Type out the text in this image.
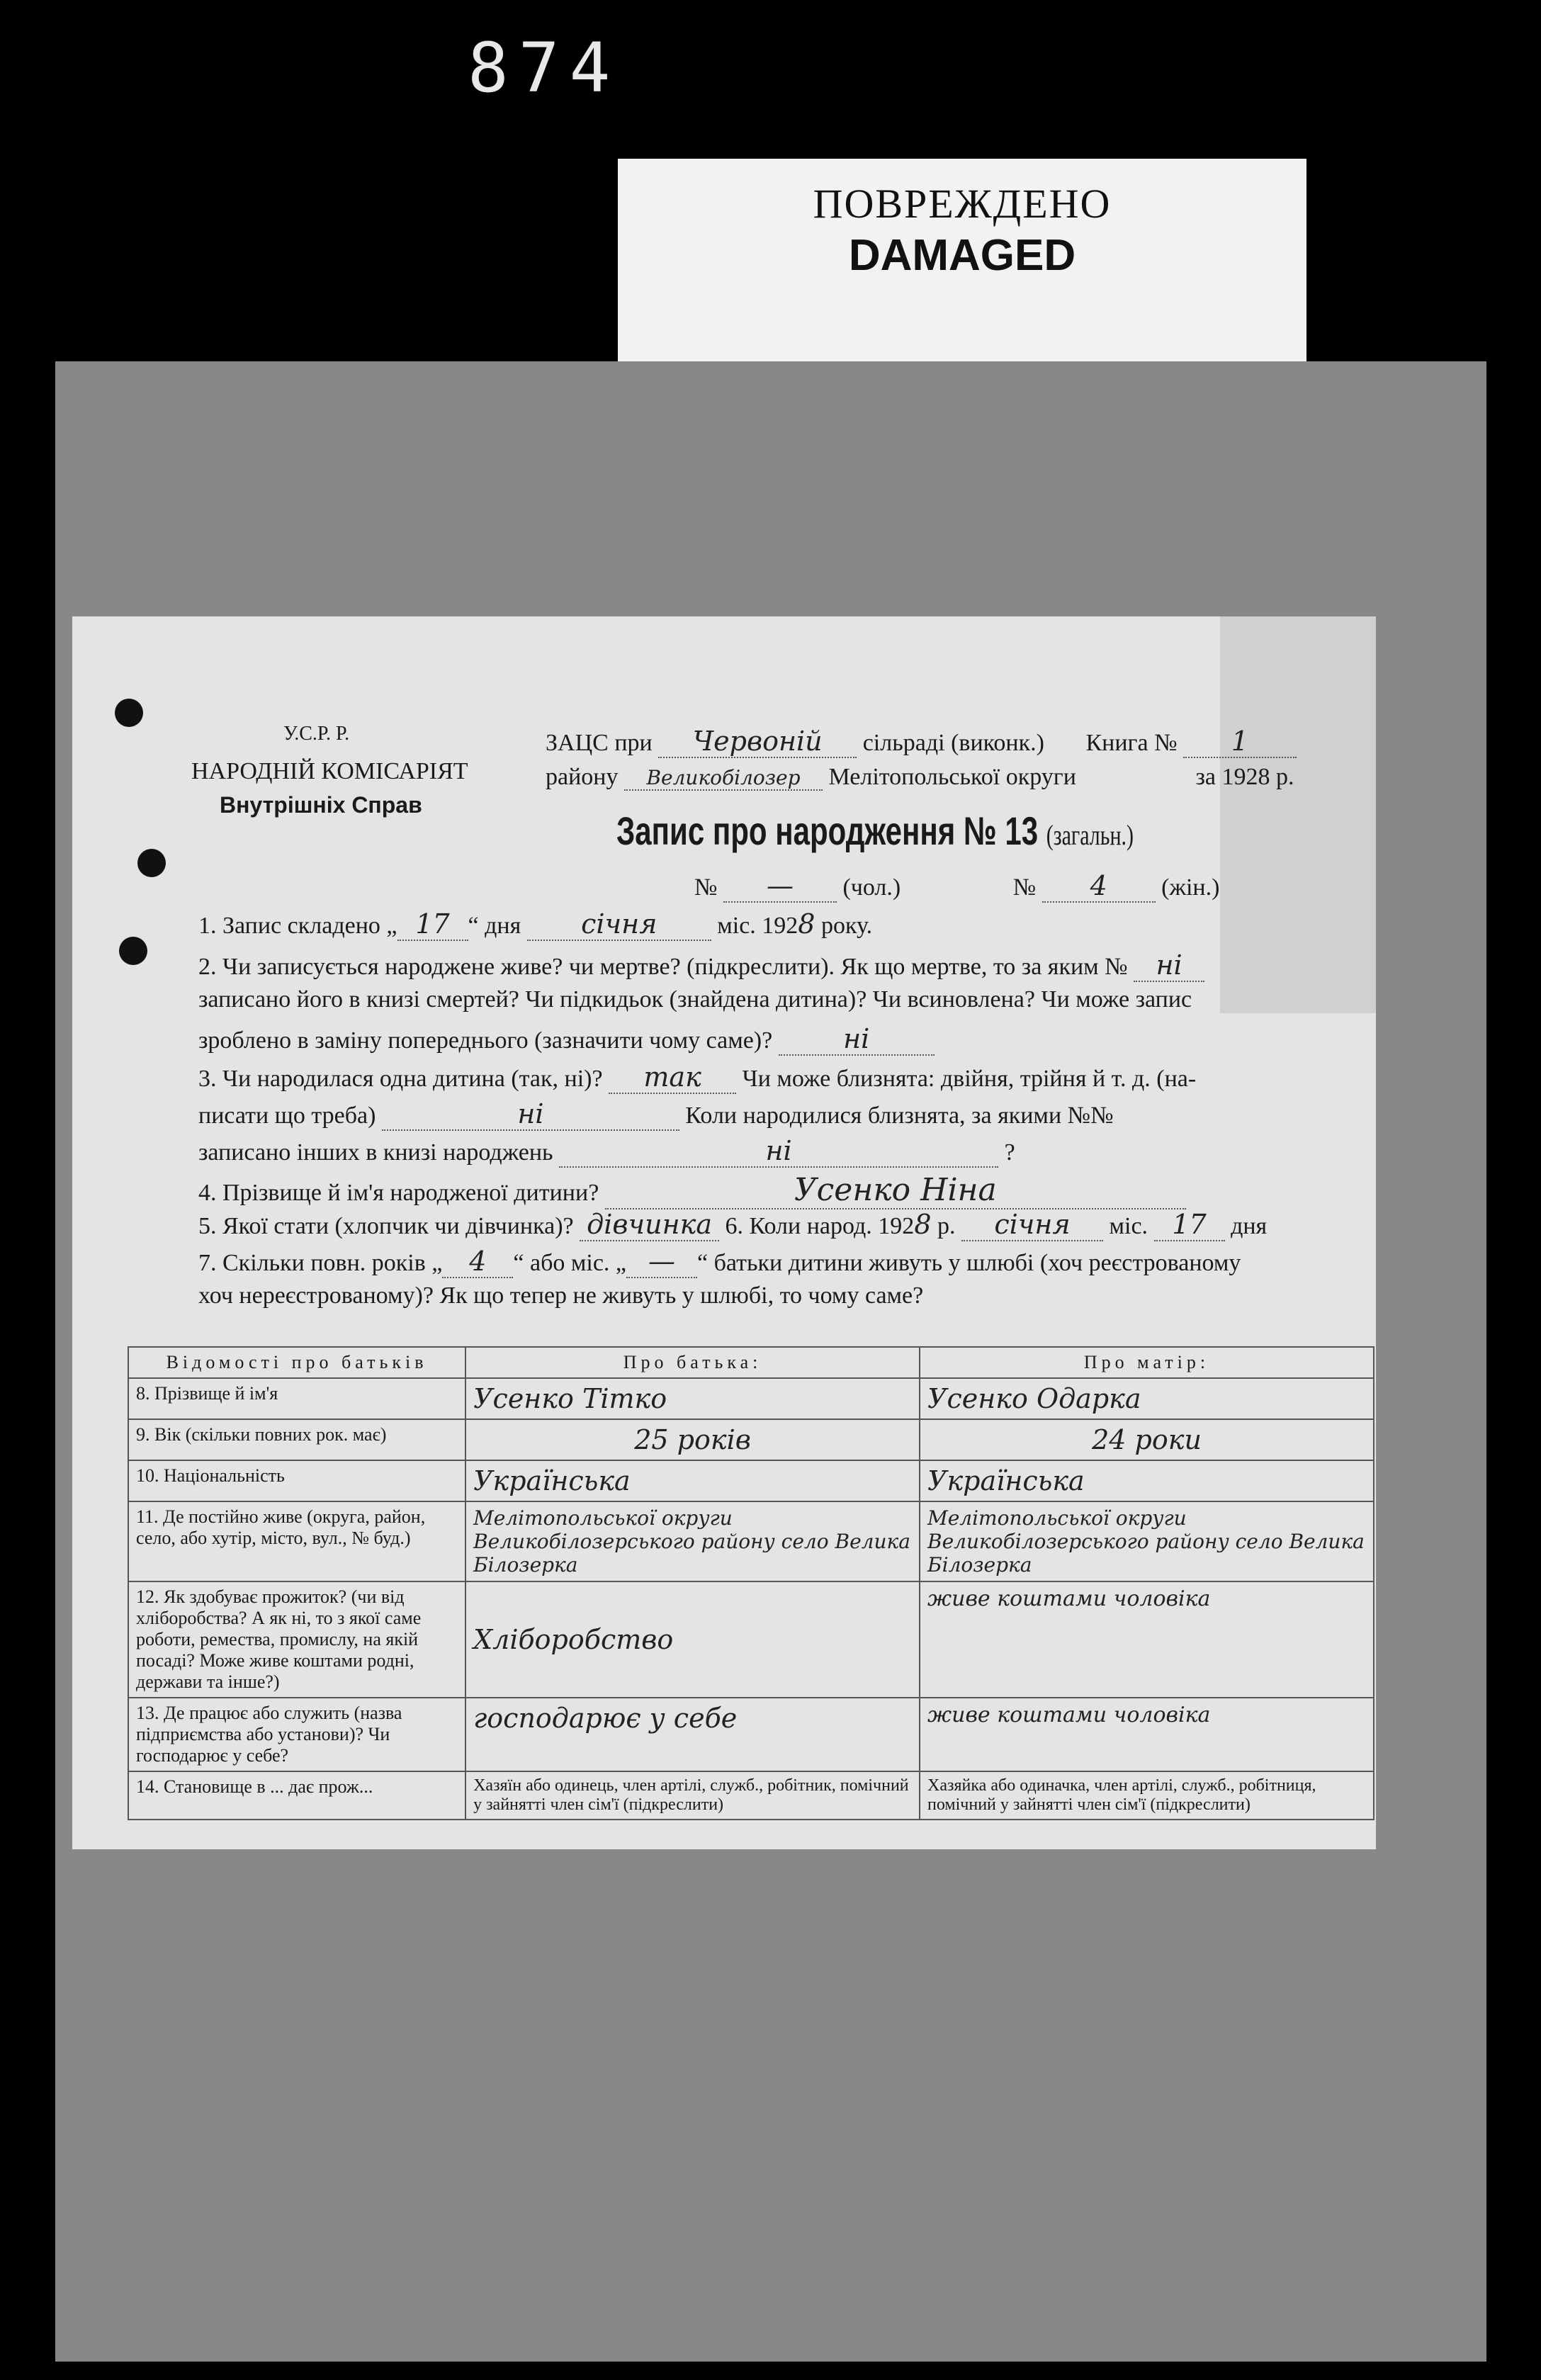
874
ПОВРЕЖДЕНО
DAMAGED
У.С.Р. Р.
НАРОДНІЙ КОМІСАРІЯТ
Внутрішніх Справ
ЗАЦС при Червоній сільраді (виконк.) Книга № 1
району Великобілозер Мелітопольської округи	за 1928 р.
Запис про народження № 13 (загальн.)
№ — (чол.)	№ 4 (жін.)
1. Запис складено „ 17 “ дня січня міс. 1928 року.
2. Чи записується народжене живе? чи мертве? (підкреслити). Як що мертве, то за яким № ні
записано його в книзі смертей? Чи підкидьок (знайдена дитина)? Чи всиновлена? Чи може запис
зроблено в заміну попереднього (зазначити чому саме)?	ні
3. Чи народилася одна дитина (так, ні)? так Чи може близнята: двійня, трійня й т. д. (на-
писати що треба)	ні	Коли народилися близнята, за якими №№
записано інших в книзі народжень	ні	?
4. Прізвище й ім'я народженої дитини?	Усенко Ніна
5. Якої стати (хлопчик чи дівчинка)? дівчинка 6. Коли народ. 1928 р. січня міс. 17 дня
7. Скільки повн. років „ 4 “ або міс. „ — “ батьки дитини живуть у шлюбі (хоч реєстрованому
хоч нереєстрованому)? Як що тепер не живуть у шлюбі, то чому саме?
Відомості про батьків	Про батька:	Про матір:
8. Прізвище й ім'я	Усенко Тітко	Усенко Одарка
9. Вік (скільки повних рок. має)	25 років	24 роки
10. Національність	Українська	Українська
11. Де постійно живе (округа, район, село, або хутір, місто, вул., № буд.)	Мелітопольської округи Великобілозерського району село Велика Білозерка	Мелітопольської округи Великобілозерського району село Велика Білозерка
12. Як здобуває прожиток? (чи від хліборобства? А як ні, то з якої саме роботи, ремества, промислу, на якій посаді? Може живе коштами родні, держави та інше?)	Хліборобство	живе коштами чоловіка
13. Де працює або служить (назва підприємства або установи)? Чи господарює у себе?	господарює у себе	живе коштами чоловіка
14. Становище в ... дає прож...	Хазяїн або одинець, член артілі, служб., робітник, помічний у зайнятті член сім'ї (підкреслити)	Хазяйка або одиначка, член артілі, служб., робітниця, помічний у зайнятті член сім'ї (підкреслити)
